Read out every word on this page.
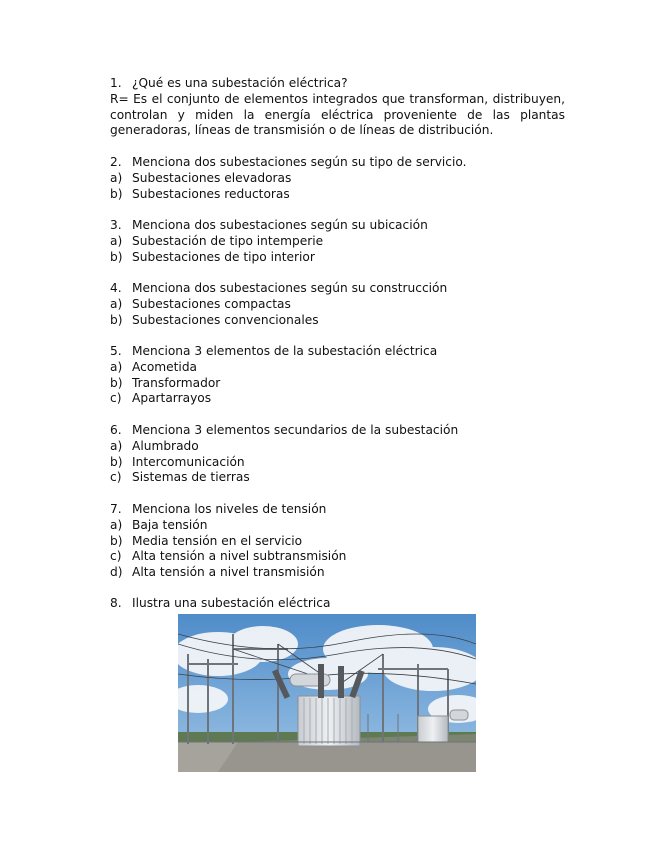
1. ¿Qué es una subestación eléctrica?
R= Es el conjunto de elementos integrados que transforman, distribuyen, controlan y miden la energía eléctrica proveniente de las plantas generadoras, líneas de transmisión o de líneas de distribución.
2. Menciona dos subestaciones según su tipo de servicio.
a) Subestaciones elevadoras
b) Subestaciones reductoras
3. Menciona dos subestaciones según su ubicación
a) Subestación de tipo intemperie
b) Subestaciones de tipo interior
4. Menciona dos subestaciones según su construcción
a) Subestaciones compactas
b) Subestaciones convencionales
5. Menciona 3 elementos de la subestación eléctrica
a) Acometida
b) Transformador
c) Apartarrayos
6. Menciona 3 elementos secundarios de la subestación
a) Alumbrado
b) Intercomunicación
c) Sistemas de tierras
7. Menciona los niveles de tensión
a) Baja tensión
b) Media tensión en el servicio
c) Alta tensión a nivel subtransmisión
d) Alta tensión a nivel transmisión
8. Ilustra una subestación eléctrica
